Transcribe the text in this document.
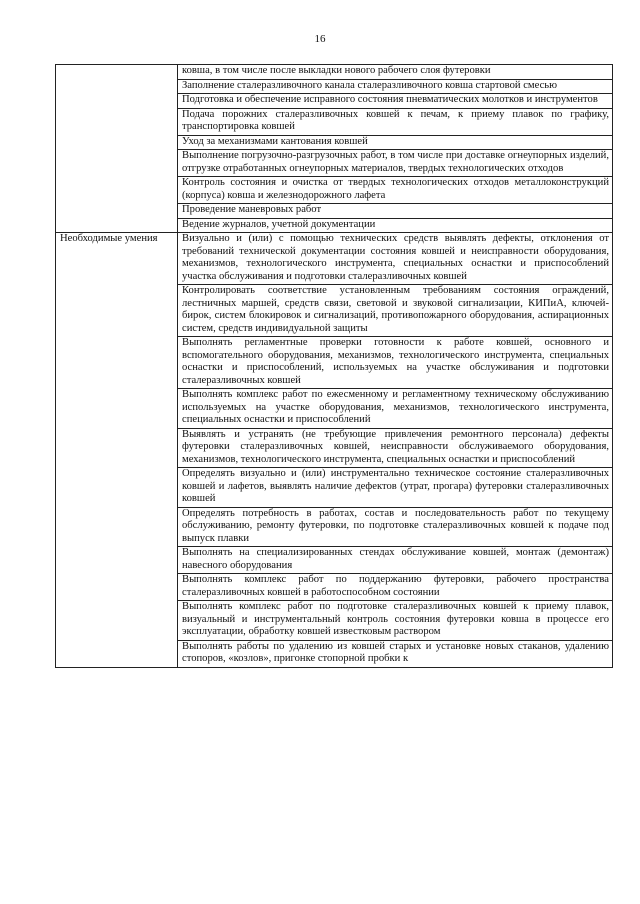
16
	ковша, в том числе после выкладки нового рабочего слоя футеровки
	Заполнение сталеразливочного канала сталеразливочного ковша стартовой смесью
	Подготовка и обеспечение исправного состояния пневматических молотков и инструментов
	Подача порожних сталеразливочных ковшей к печам, к приему плавок по графику, транспортировка ковшей
	Уход за механизмами кантования ковшей
	Выполнение погрузочно-разгрузочных работ, в том числе при доставке огнеупорных изделий, отгрузке отработанных огнеупорных материалов, твердых технологических отходов
	Контроль состояния и очистка от твердых технологических отходов металлоконструкций (корпуса) ковша и железнодорожного лафета
	Проведение маневровых работ
	Ведение журналов, учетной документации
Необходимые умения	Визуально и (или) с помощью технических средств выявлять дефекты, отклонения от требований технической документации состояния ковшей и неисправности оборудования, механизмов, технологического инструмента, специальных оснастки и приспособлений участка обслуживания и подготовки сталеразливочных ковшей
	Контролировать соответствие установленным требованиям состояния ограждений, лестничных маршей, средств связи, световой и звуковой сигнализации, КИПиА, ключей-бирок, систем блокировок и сигнализаций, противопожарного оборудования, аспирационных систем, средств индивидуальной защиты
	Выполнять регламентные проверки готовности к работе ковшей, основного и вспомогательного оборудования, механизмов, технологического инструмента, специальных оснастки и приспособлений, используемых на участке обслуживания и подготовки сталеразливочных ковшей
	Выполнять комплекс работ по ежесменному и регламентному техническому обслуживанию используемых на участке оборудования, механизмов, технологического инструмента, специальных оснастки и приспособлений
	Выявлять и устранять (не требующие привлечения ремонтного персонала) дефекты футеровки сталеразливочных ковшей, неисправности обслуживаемого оборудования, механизмов, технологического инструмента, специальных оснастки и приспособлений
	Определять визуально и (или) инструментально техническое состояние сталеразливочных ковшей и лафетов, выявлять наличие дефектов (утрат, прогара) футеровки сталеразливочных ковшей
	Определять потребность в работах, состав и последовательность работ по текущему обслуживанию, ремонту футеровки, по подготовке сталеразливочных ковшей к подаче под выпуск плавки
	Выполнять на специализированных стендах обслуживание ковшей, монтаж (демонтаж) навесного оборудования
	Выполнять комплекс работ по поддержанию футеровки, рабочего пространства сталеразливочных ковшей в работоспособном состоянии
	Выполнять комплекс работ по подготовке сталеразливочных ковшей к приему плавок, визуальный и инструментальный контроль состояния футеровки ковша в процессе его эксплуатации, обработку ковшей известковым раствором
	Выполнять работы по удалению из ковшей старых и установке новых стаканов, удалению стопоров, «козлов», пригонке стопорной пробки к
